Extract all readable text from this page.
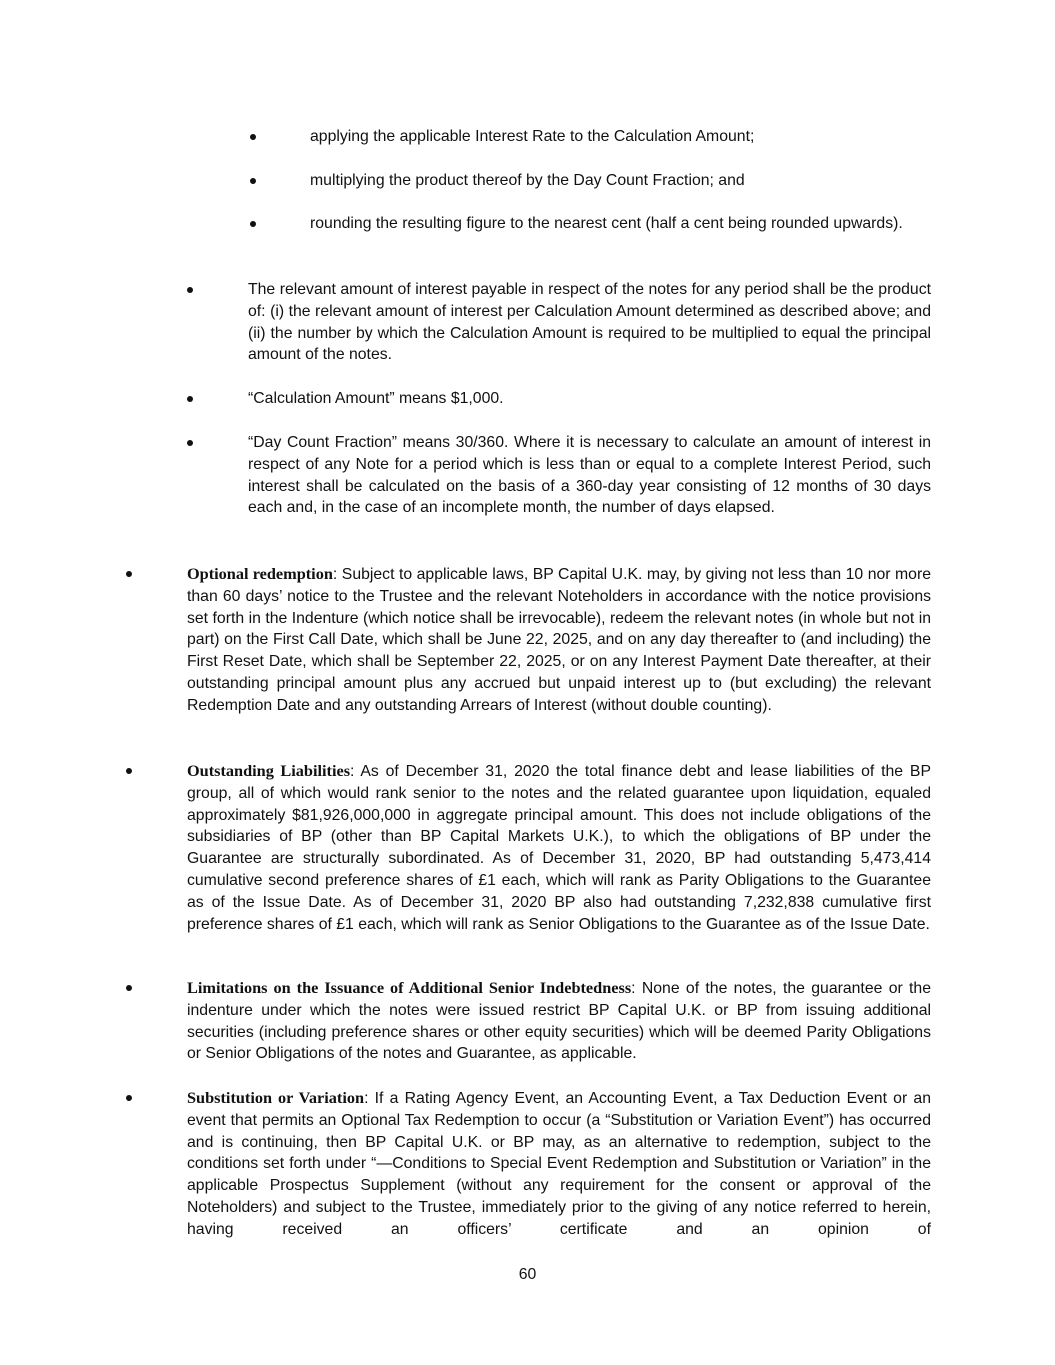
applying the applicable Interest Rate to the Calculation Amount;

multiplying the product thereof by the Day Count Fraction; and

rounding the resulting figure to the nearest cent (half a cent being rounded upwards).

The relevant amount of interest payable in respect of the notes for any period shall be the product of: (i) the relevant amount of interest per Calculation Amount determined as described above; and (ii) the number by which the Calculation Amount is required to be multiplied to equal the principal amount of the notes.

“Calculation Amount” means $1,000.

“Day Count Fraction” means 30/360. Where it is necessary to calculate an amount of interest in respect of any Note for a period which is less than or equal to a complete Interest Period, such interest shall be calculated on the basis of a 360-day year consisting of 12 months of 30 days each and, in the case of an incomplete month, the number of days elapsed.

Optional redemption: Subject to applicable laws, BP Capital U.K. may, by giving not less than 10 nor more than 60 days’ notice to the Trustee and the relevant Noteholders in accordance with the notice provisions set forth in the Indenture (which notice shall be irrevocable), redeem the relevant notes (in whole but not in part) on the First Call Date, which shall be June 22, 2025, and on any day thereafter to (and including) the First Reset Date, which shall be September 22, 2025, or on any Interest Payment Date thereafter, at their outstanding principal amount plus any accrued but unpaid interest up to (but excluding) the relevant Redemption Date and any outstanding Arrears of Interest (without double counting).

Outstanding Liabilities: As of December 31, 2020 the total finance debt and lease liabilities of the BP group, all of which would rank senior to the notes and the related guarantee upon liquidation, equaled approximately $81,926,000,000 in aggregate principal amount. This does not include obligations of the subsidiaries of BP (other than BP Capital Markets U.K.), to which the obligations of BP under the Guarantee are structurally subordinated. As of December 31, 2020, BP had outstanding 5,473,414 cumulative second preference shares of £1 each, which will rank as Parity Obligations to the Guarantee as of the Issue Date. As of December 31, 2020 BP also had outstanding 7,232,838 cumulative first preference shares of £1 each, which will rank as Senior Obligations to the Guarantee as of the Issue Date.

Limitations on the Issuance of Additional Senior Indebtedness: None of the notes, the guarantee or the indenture under which the notes were issued restrict BP Capital U.K. or BP from issuing additional securities (including preference shares or other equity securities) which will be deemed Parity Obligations or Senior Obligations of the notes and Guarantee, as applicable.

Substitution or Variation: If a Rating Agency Event, an Accounting Event, a Tax Deduction Event or an event that permits an Optional Tax Redemption to occur (a “Substitution or Variation Event”) has occurred and is continuing, then BP Capital U.K. or BP may, as an alternative to redemption, subject to the conditions set forth under “—Conditions to Special Event Redemption and Substitution or Variation” in the applicable Prospectus Supplement (without any requirement for the consent or approval of the Noteholders) and subject to the Trustee, immediately prior to the giving of any notice referred to herein, having received an officers’ certificate and an opinion of

60
